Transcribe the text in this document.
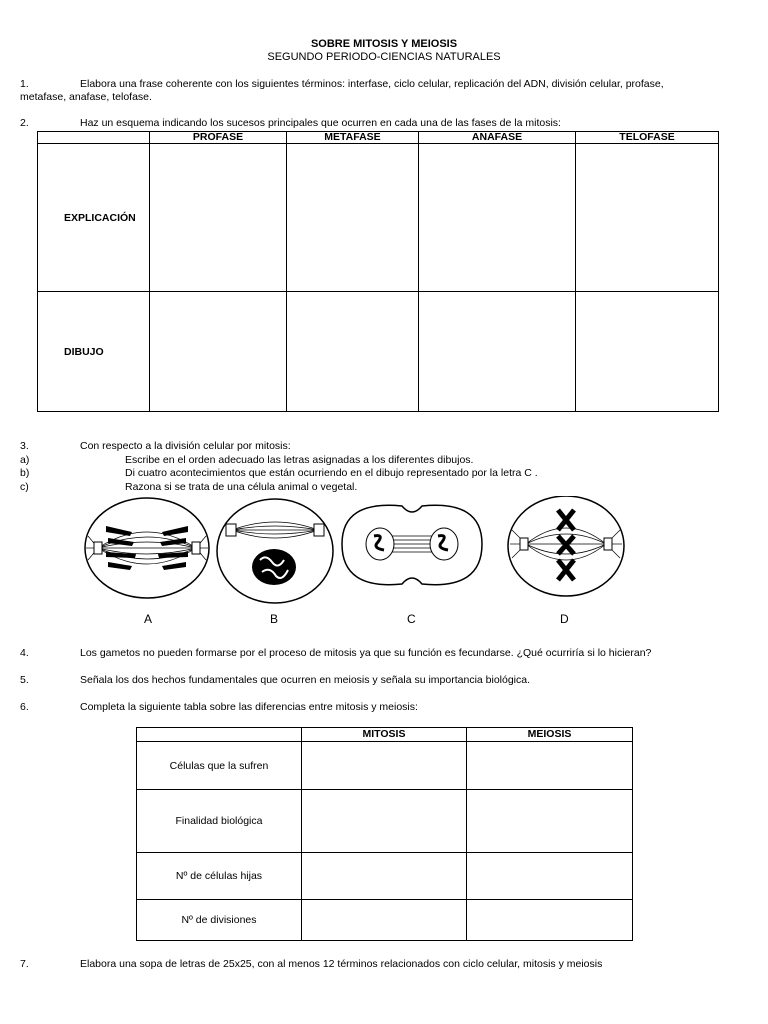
SOBRE MITOSIS Y MEIOSIS
SEGUNDO PERIODO-CIENCIAS NATURALES
1.	Elabora una frase coherente con los siguientes términos: interfase, ciclo celular, replicación del ADN, división celular, profase,
metafase, anafase, telofase.
2.	Haz un esquema indicando los sucesos principales que ocurren en cada una de las fases de la mitosis:
	PROFASE	METAFASE	ANAFASE	TELOFASE
EXPLICACIÓN				
DIBUJO				
3.	Con respecto a la división celular por mitosis:
a)	Escribe en el orden adecuado las letras asignadas a los diferentes dibujos.
b)	Di cuatro acontecimientos que están ocurriendo en el dibujo representado por la letra C .
c)	Razona si se trata de una célula animal o vegetal.
A	B	C	D
4.	Los gametos no pueden formarse por el proceso de mitosis ya que su función es fecundarse. ¿Qué ocurriría si lo hicieran?
5.	Señala los dos hechos fundamentales que ocurren en meiosis y señala su importancia biológica.
6.	Completa la siguiente tabla sobre las diferencias entre mitosis y meiosis:
	MITOSIS	MEIOSIS
Células que la sufren		
Finalidad biológica		
Nº de células hijas		
Nº de divisiones		
7.	Elabora una sopa de letras de 25x25, con al menos 12 términos relacionados con ciclo celular, mitosis y meiosis
